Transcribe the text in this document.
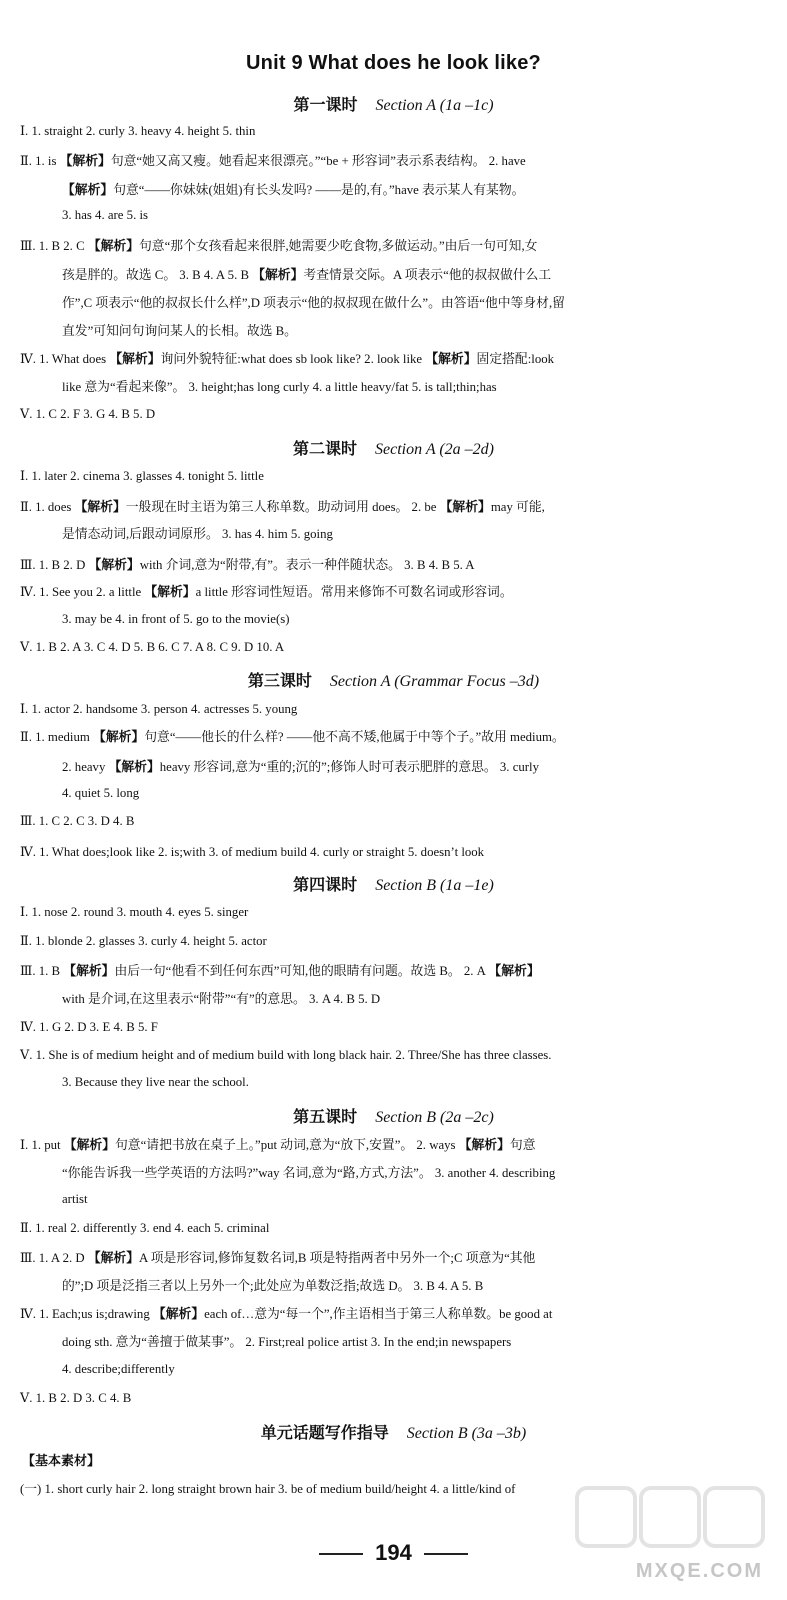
Unit 9 What does he look like?
第一课时 Section A (1a –1c)
Ⅰ. 1. straight 2. curly 3. heavy 4. height 5. thin
Ⅱ. 1. is 【解析】句意“她又高又瘦。她看起来很漂亮。”“be + 形容词”表示系表结构。 2. have
【解析】句意“——你妹妹(姐姐)有长头发吗? ——是的,有。”have 表示某人有某物。
3. has 4. are 5. is
Ⅲ. 1. B 2. C 【解析】句意“那个女孩看起来很胖,她需要少吃食物,多做运动。”由后一句可知,女
孩是胖的。故选 C。 3. B 4. A 5. B 【解析】考查情景交际。A 项表示“他的叔叔做什么工
作”,C 项表示“他的叔叔长什么样”,D 项表示“他的叔叔现在做什么”。由答语“他中等身材,留
直发”可知问句询问某人的长相。故选 B。
Ⅳ. 1. What does 【解析】询问外貌特征:what does sb look like? 2. look like 【解析】固定搭配:look
like 意为“看起来像”。 3. height;has long curly 4. a little heavy/fat 5. is tall;thin;has
Ⅴ. 1. C 2. F 3. G 4. B 5. D
第二课时 Section A (2a –2d)
Ⅰ. 1. later 2. cinema 3. glasses 4. tonight 5. little
Ⅱ. 1. does 【解析】一般现在时主语为第三人称单数。助动词用 does。 2. be 【解析】may 可能,
是情态动词,后跟动词原形。 3. has 4. him 5. going
Ⅲ. 1. B 2. D 【解析】with 介词,意为“附带,有”。表示一种伴随状态。 3. B 4. B 5. A
Ⅳ. 1. See you 2. a little 【解析】a little 形容词性短语。常用来修饰不可数名词或形容词。
3. may be 4. in front of 5. go to the movie(s)
Ⅴ. 1. B 2. A 3. C 4. D 5. B 6. C 7. A 8. C 9. D 10. A
第三课时 Section A (Grammar Focus –3d)
Ⅰ. 1. actor 2. handsome 3. person 4. actresses 5. young
Ⅱ. 1. medium 【解析】句意“——他长的什么样? ——他不高不矮,他属于中等个子。”故用 medium。
2. heavy 【解析】heavy 形容词,意为“重的;沉的”;修饰人时可表示肥胖的意思。 3. curly
4. quiet 5. long
Ⅲ. 1. C 2. C 3. D 4. B
Ⅳ. 1. What does;look like 2. is;with 3. of medium build 4. curly or straight 5. doesn’t look
第四课时 Section B (1a –1e)
Ⅰ. 1. nose 2. round 3. mouth 4. eyes 5. singer
Ⅱ. 1. blonde 2. glasses 3. curly 4. height 5. actor
Ⅲ. 1. B 【解析】由后一句“他看不到任何东西”可知,他的眼睛有问题。故选 B。 2. A 【解析】
with 是介词,在这里表示“附带”“有”的意思。 3. A 4. B 5. D
Ⅳ. 1. G 2. D 3. E 4. B 5. F
Ⅴ. 1. She is of medium height and of medium build with long black hair. 2. Three/She has three classes.
3. Because they live near the school.
第五课时 Section B (2a –2c)
Ⅰ. 1. put 【解析】句意“请把书放在桌子上。”put 动词,意为“放下,安置”。 2. ways 【解析】句意
“你能告诉我一些学英语的方法吗?”way 名词,意为“路,方式,方法”。 3. another 4. describing
artist
Ⅱ. 1. real 2. differently 3. end 4. each 5. criminal
Ⅲ. 1. A 2. D 【解析】A 项是形容词,修饰复数名词,B 项是特指两者中另外一个;C 项意为“其他
的”;D 项是泛指三者以上另外一个;此处应为单数泛指;故选 D。 3. B 4. A 5. B
Ⅳ. 1. Each;us is;drawing 【解析】each of…意为“每一个”,作主语相当于第三人称单数。be good at
doing sth. 意为“善擅于做某事”。 2. First;real police artist 3. In the end;in newspapers
4. describe;differently
Ⅴ. 1. B 2. D 3. C 4. B
单元话题写作指导 Section B (3a –3b)
【基本素材】
(一) 1. short curly hair 2. long straight brown hair 3. be of medium build/height 4. a little/kind of
194
MXQE.COM
